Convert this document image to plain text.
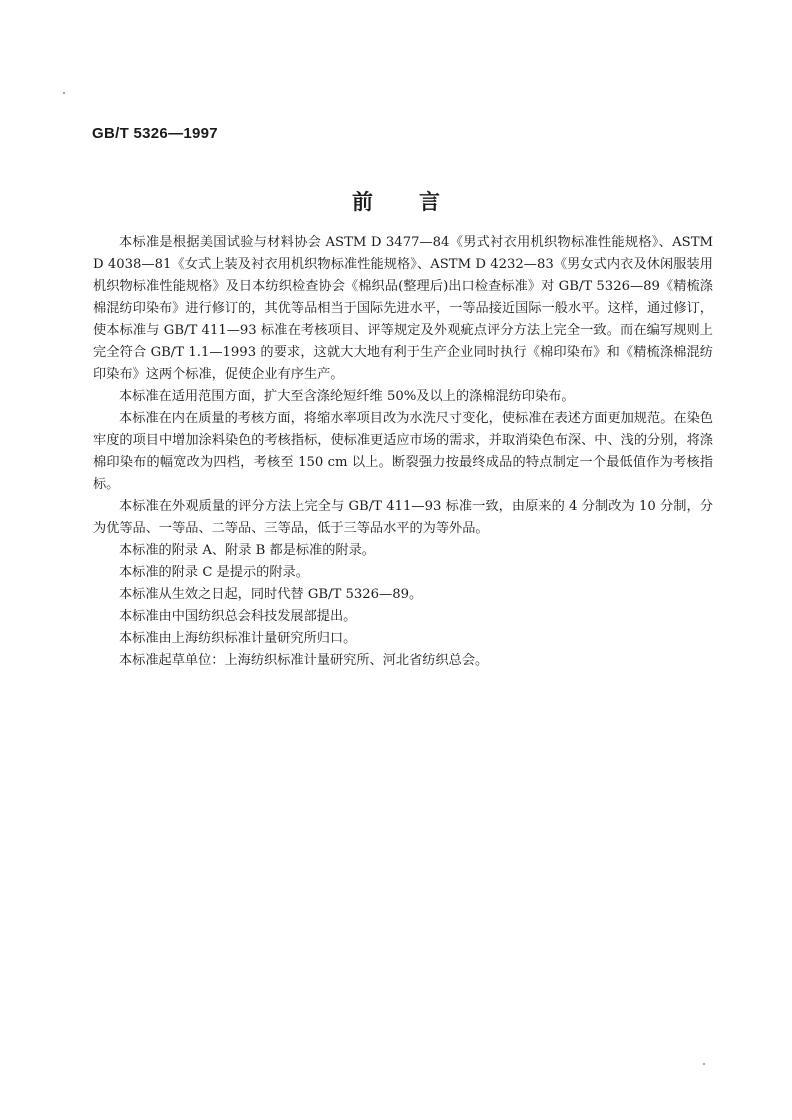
GB/T 5326—1997
前言

本标准是根据美国试验与材料协会 ASTM D 3477—84《男式衬衣用机织物标准性能规格》、ASTM D 4038—81《女式上装及衬衣用机织物标准性能规格》、ASTM D 4232—83《男女式内衣及休闲服装用机织物标准性能规格》及日本纺织检查协会《棉织品(整理后)出口检查标准》对 GB/T 5326—89《精梳涤棉混纺印染布》进行修订的，其优等品相当于国际先进水平，一等品接近国际一般水平。这样，通过修订，使本标准与 GB/T 411—93 标准在考核项目、评等规定及外观疵点评分方法上完全一致。而在编写规则上完全符合 GB/T 1.1—1993 的要求，这就大大地有利于生产企业同时执行《棉印染布》和《精梳涤棉混纺印染布》这两个标准，促使企业有序生产。

本标准在适用范围方面，扩大至含涤纶短纤维 50%及以上的涤棉混纺印染布。

本标准在内在质量的考核方面，将缩水率项目改为水洗尺寸变化，使标准在表述方面更加规范。在染色牢度的项目中增加涂料染色的考核指标，使标准更适应市场的需求，并取消染色布深、中、浅的分别，将涤棉印染布的幅宽改为四档，考核至 150 cm 以上。断裂强力按最终成品的特点制定一个最低值作为考核指标。

本标准在外观质量的评分方法上完全与 GB/T 411—93 标准一致，由原来的 4 分制改为 10 分制，分为优等品、一等品、二等品、三等品，低于三等品水平的为等外品。

本标准的附录 A、附录 B 都是标准的附录。

本标准的附录 C 是提示的附录。

本标准从生效之日起，同时代替 GB/T 5326—89。

本标准由中国纺织总会科技发展部提出。

本标准由上海纺织标准计量研究所归口。

本标准起草单位：上海纺织标准计量研究所、河北省纺织总会。
